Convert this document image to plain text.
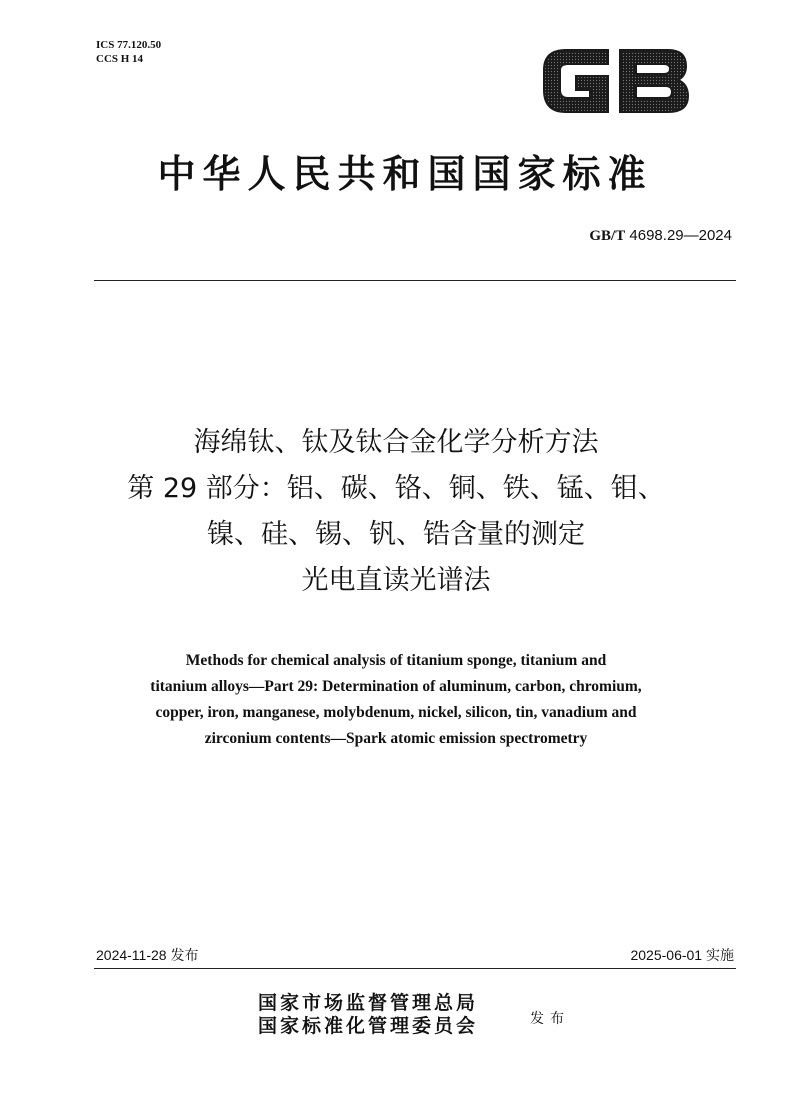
ICS 77.120.50
CCS H 14
中华人民共和国国家标准
GB/T 4698.29—2024
海绵钛、钛及钛合金化学分析方法
第 29 部分：铝、碳、铬、铜、铁、锰、钼、
镍、硅、锡、钒、锆含量的测定
光电直读光谱法
Methods for chemical analysis of titanium sponge, titanium and
titanium alloys—Part 29: Determination of aluminum, carbon, chromium,
copper, iron, manganese, molybdenum, nickel, silicon, tin, vanadium and
zirconium contents—Spark atomic emission spectrometry
2024-11-28 发布	2025-06-01 实施
国家市场监督管理总局
国家标准化管理委员会	发布
